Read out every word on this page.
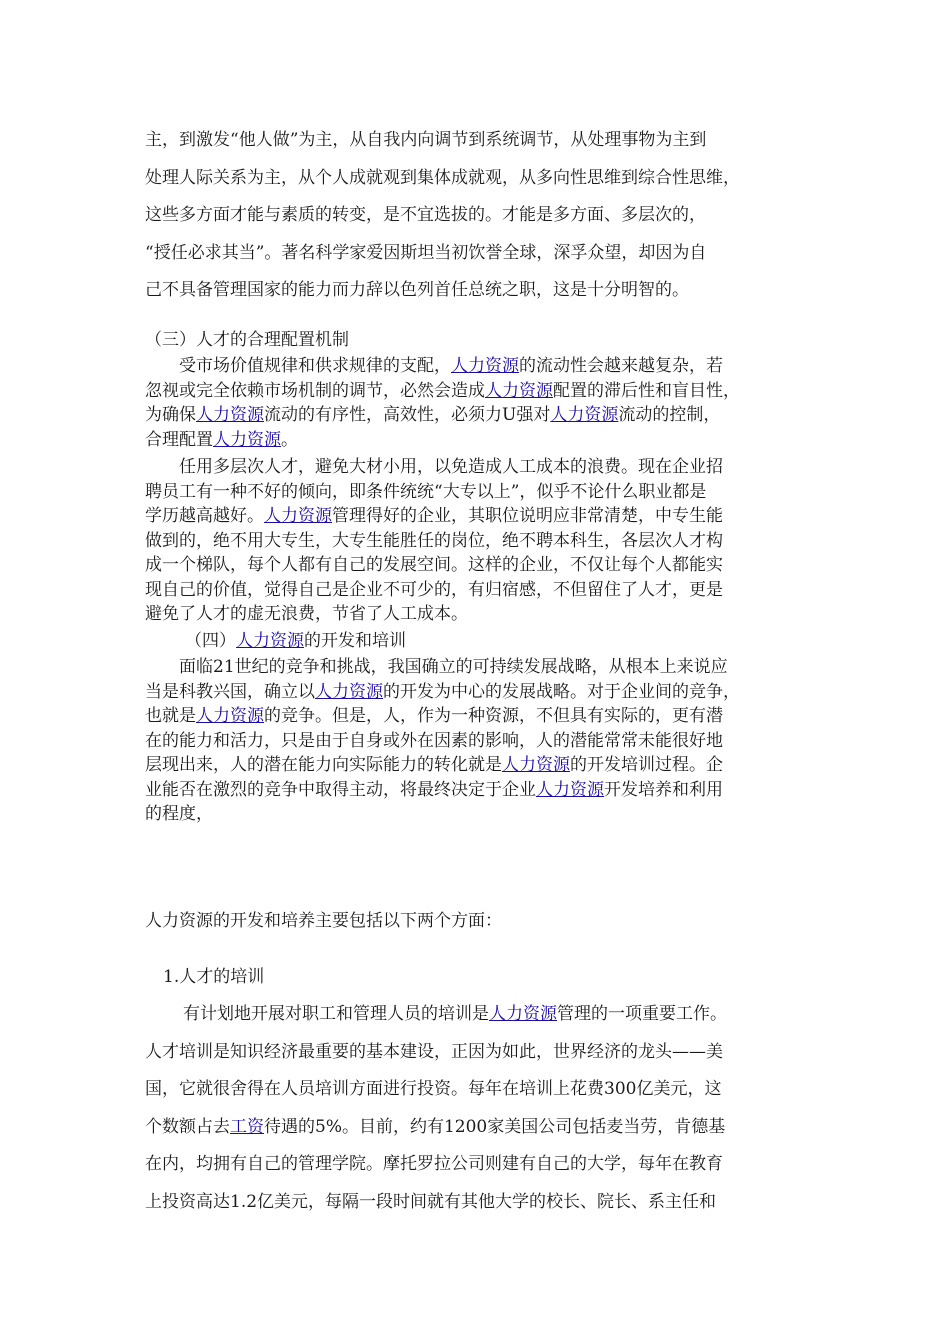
主，到激发“他人做”为主，从自我内向调节到系统调节，从处理事物为主到
处理人际关系为主，从个人成就观到集体成就观，从多向性思维到综合性思维，
这些多方面才能与素质的转变，是不宜选拔的。才能是多方面、多层次的，
“授任必求其当”。著名科学家爱因斯坦当初饮誉全球，深孚众望，却因为自
己不具备管理国家的能力而力辞以色列首任总统之职，这是十分明智的。
（三）人才的合理配置机制
受市场价值规律和供求规律的支配，人力资源的流动性会越来越复杂，若
忽视或完全依赖市场机制的调节，必然会造成人力资源配置的滞后性和盲目性，
为确保人力资源流动的有序性，高效性，必须力U强对人力资源流动的控制，
合理配置人力资源。
任用多层次人才，避免大材小用，以免造成人工成本的浪费。现在企业招
聘员工有一种不好的倾向，即条件统统“大专以上”，似乎不论什么职业都是
学历越高越好。人力资源管理得好的企业，其职位说明应非常清楚，中专生能
做到的，绝不用大专生，大专生能胜任的岗位，绝不聘本科生，各层次人才构
成一个梯队，每个人都有自己的发展空间。这样的企业，不仅让每个人都能实
现自己的价值，觉得自己是企业不可少的，有归宿感，不但留住了人才，更是
避免了人才的虚无浪费，节省了人工成本。
（四）人力资源的开发和培训
面临21世纪的竞争和挑战，我国确立的可持续发展战略，从根本上来说应
当是科教兴国，确立以人力资源的开发为中心的发展战略。对于企业间的竞争，
也就是人力资源的竞争。但是，人，作为一种资源，不但具有实际的，更有潜
在的能力和活力，只是由于自身或外在因素的影响，人的潜能常常未能很好地
层现出来，人的潜在能力向实际能力的转化就是人力资源的开发培训过程。企
业能否在激烈的竞争中取得主动，将最终决定于企业人力资源开发培养和利用
的程度，
人力资源的开发和培养主要包括以下两个方面：
1.人才的培训
有计划地开展对职工和管理人员的培训是人力资源管理的一项重要工作。
人才培训是知识经济最重要的基本建设，正因为如此，世界经济的龙头——美
国，它就很舍得在人员培训方面进行投资。每年在培训上花费300亿美元，这
个数额占去工资待遇的5%。目前，约有1200家美国公司包括麦当劳，肯德基
在内，均拥有自己的管理学院。摩托罗拉公司则建有自己的大学，每年在教育
上投资高达1.2亿美元，每隔一段时间就有其他大学的校长、院长、系主任和
